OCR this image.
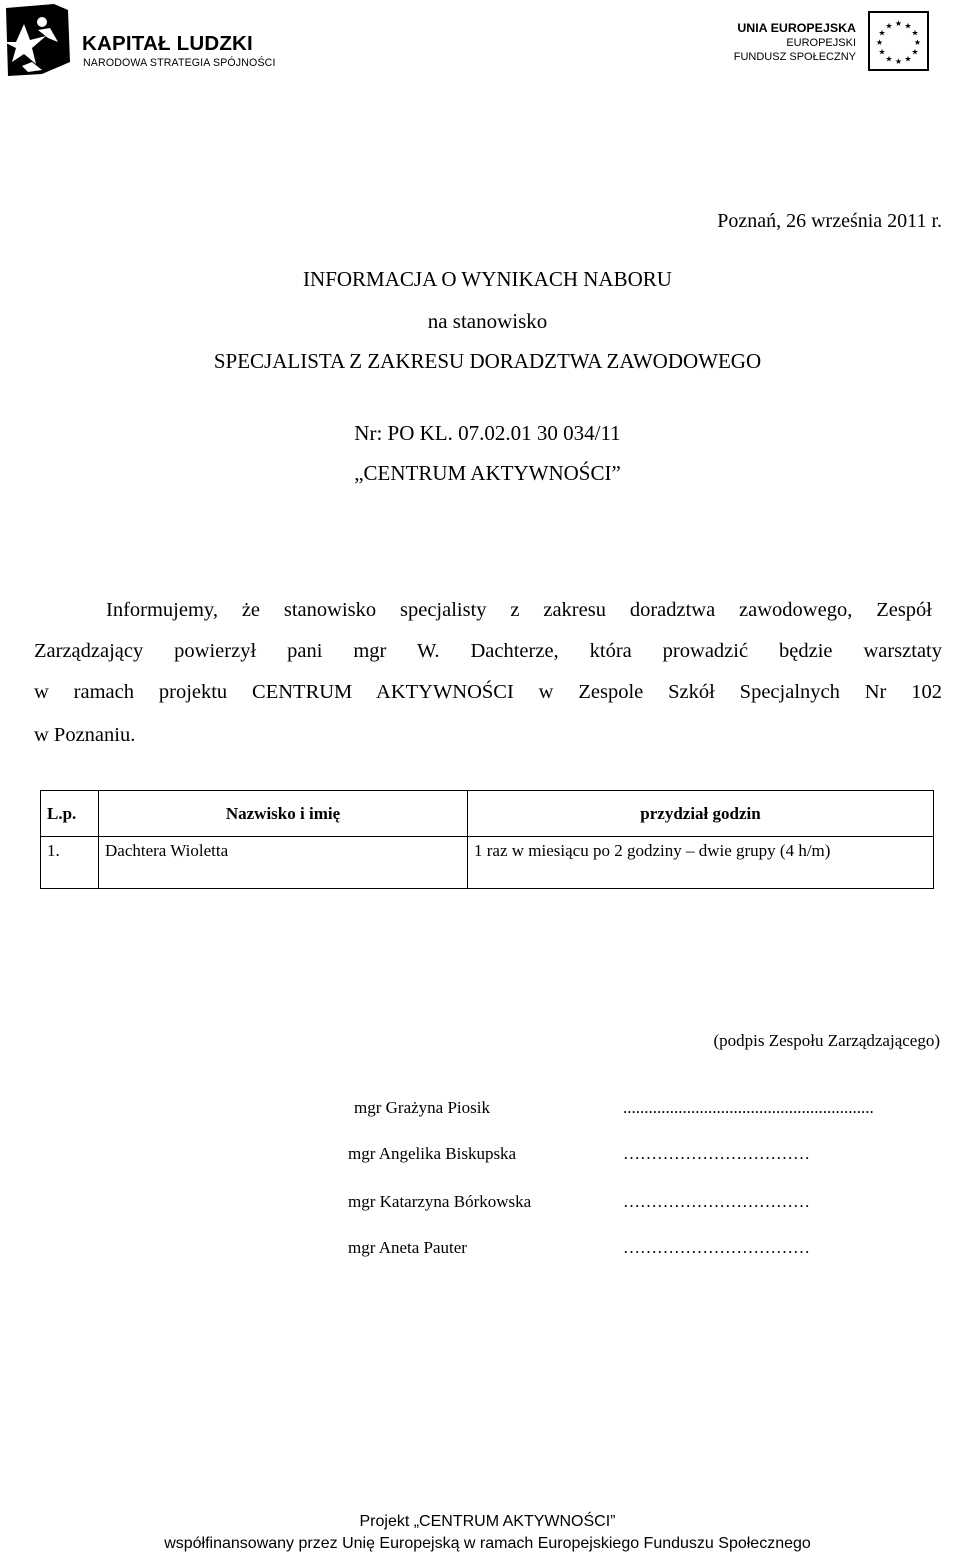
KAPITAŁ LUDZKI
NARODOWA STRATEGIA SPÓJNOŚCI
UNIA EUROPEJSKA
EUROPEJSKI
FUNDUSZ SPOŁECZNY
★ ★
★
★
★
★
★
★
★
★
★
★
Poznań, 26 września 2011 r.
INFORMACJA O WYNIKACH NABORU
na stanowisko
SPECJALISTA Z ZAKRESU DORADZTWA ZAWODOWEGO
Nr: PO KL. 07.02.01 30 034/11
„CENTRUM AKTYWNOŚCI”
Informujemy, że stanowisko specjalisty z zakresu doradztwa zawodowego, Zespół
Zarządzający powierzył pani mgr W. Dachterze, która prowadzić będzie warsztaty
w ramach projektu CENTRUM AKTYWNOŚCI w Zespole Szkół Specjalnych Nr 102
w Poznaniu.
L.p.	Nazwisko i imię	przydział godzin
1.	Dachtera Wioletta	1 raz w miesiącu po 2 godziny – dwie grupy (4 h/m)
(podpis Zespołu Zarządzającego)
mgr Grażyna Piosik	...........................................................
mgr Angelika Biskupska	……………………………
mgr Katarzyna Bórkowska	……………………………
mgr Aneta Pauter	……………………………
Projekt „CENTRUM AKTYWNOŚCI”
współfinansowany przez Unię Europejską w ramach Europejskiego Funduszu Społecznego
